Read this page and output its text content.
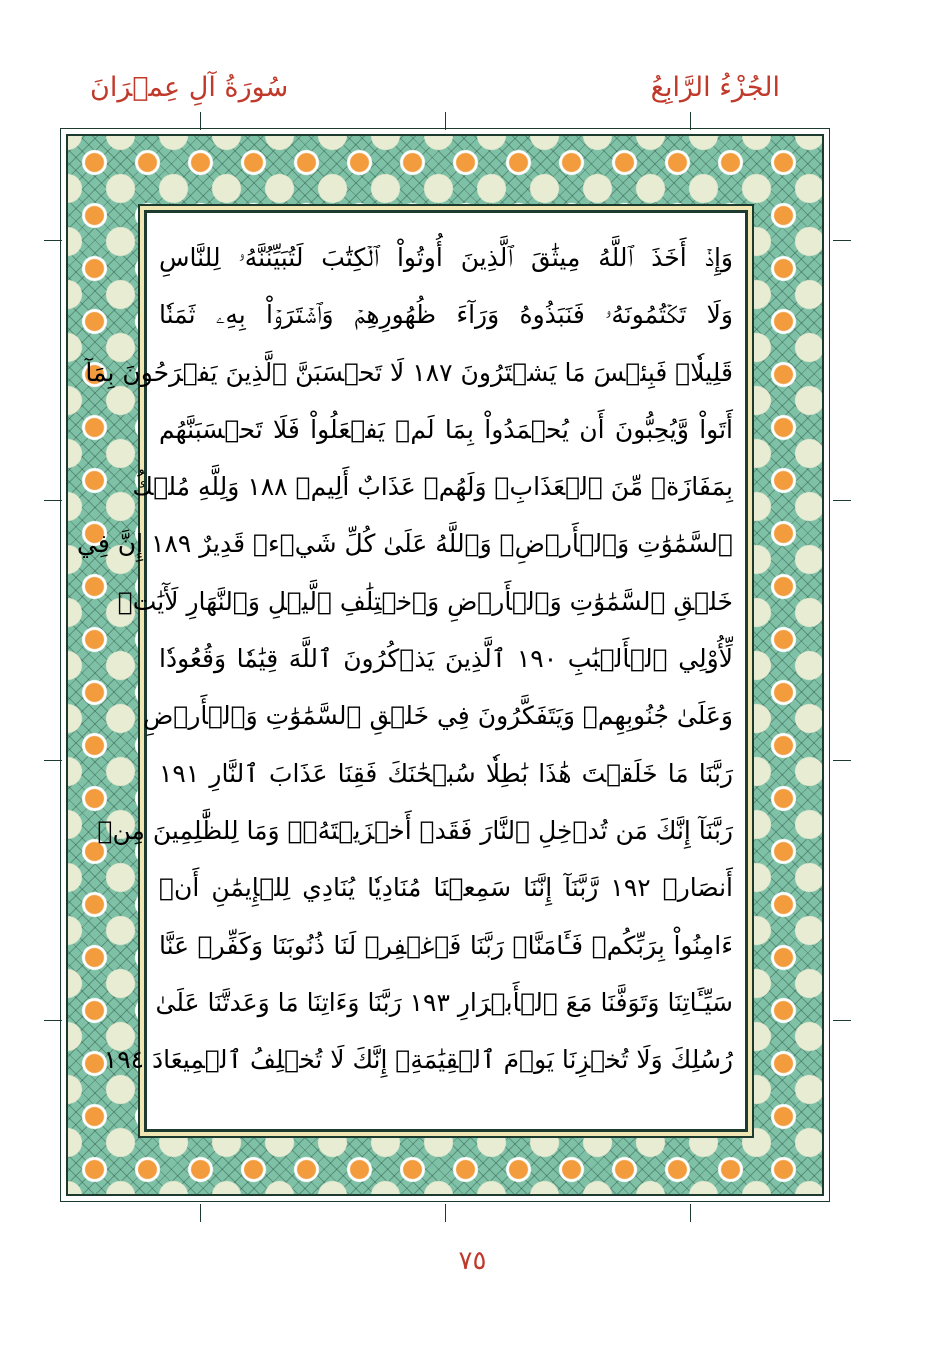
سُورَةُ آلِ عِمۡرَانَ	الجُزْءُ الرَّابِعُ
وَإِذۡ أَخَذَ ٱللَّهُ مِيثَٰقَ ٱلَّذِينَ أُوتُواْ ٱلۡكِتَٰبَ لَتُبَيِّنُنَّهُۥ لِلنَّاسِ
وَلَا تَكۡتُمُونَهُۥ فَنَبَذُوهُ وَرَآءَ ظُهُورِهِمۡ وَٱشۡتَرَوۡاْ بِهِۦ ثَمَنٗا
قَلِيلٗاۖ فَبِئۡسَ مَا يَشۡتَرُونَ ١٨٧ لَا تَحۡسَبَنَّ ٱلَّذِينَ يَفۡرَحُونَ بِمَآ
أَتَواْ وَّيُحِبُّونَ أَن يُحۡمَدُواْ بِمَا لَمۡ يَفۡعَلُواْ فَلَا تَحۡسَبَنَّهُم
بِمَفَازَةٖ مِّنَ ٱلۡعَذَابِۖ وَلَهُمۡ عَذَابٌ أَلِيمٞ ١٨٨ وَلِلَّهِ مُلۡكُ
ٱلسَّمَٰوَٰتِ وَٱلۡأَرۡضِۗ وَٱللَّهُ عَلَىٰ كُلِّ شَيۡءٖ قَدِيرٌ ١٨٩ إِنَّ فِي
خَلۡقِ ٱلسَّمَٰوَٰتِ وَٱلۡأَرۡضِ وَٱخۡتِلَٰفِ ٱلَّيۡلِ وَٱلنَّهَارِ لَأٓيَٰتٖ
لِّأُوْلِي ٱلۡأَلۡبَٰبِ ١٩٠ ٱلَّذِينَ يَذۡكُرُونَ ٱللَّهَ قِيَٰمٗا وَقُعُودٗا
وَعَلَىٰ جُنُوبِهِمۡ وَيَتَفَكَّرُونَ فِي خَلۡقِ ٱلسَّمَٰوَٰتِ وَٱلۡأَرۡضِ
رَبَّنَا مَا خَلَقۡتَ هَٰذَا بَٰطِلٗا سُبۡحَٰنَكَ فَقِنَا عَذَابَ ٱلنَّارِ ١٩١
رَبَّنَآ إِنَّكَ مَن تُدۡخِلِ ٱلنَّارَ فَقَدۡ أَخۡزَيۡتَهُۥۖ وَمَا لِلظَّٰلِمِينَ مِنۡ
أَنصَارٖ ١٩٢ رَّبَّنَآ إِنَّنَا سَمِعۡنَا مُنَادِيٗا يُنَادِي لِلۡإِيمَٰنِ أَنۡ
ءَامِنُواْ بِرَبِّكُمۡ فَـَٔامَنَّاۚ رَبَّنَا فَٱغۡفِرۡ لَنَا ذُنُوبَنَا وَكَفِّرۡ عَنَّا
سَيِّـَٔاتِنَا وَتَوَفَّنَا مَعَ ٱلۡأَبۡرَارِ ١٩٣ رَبَّنَا وَءَاتِنَا مَا وَعَدتَّنَا عَلَىٰ
رُسُلِكَ وَلَا تُخۡزِنَا يَوۡمَ ٱلۡقِيَٰمَةِۖ إِنَّكَ لَا تُخۡلِفُ ٱلۡمِيعَادَ ١٩٤
٧٥
